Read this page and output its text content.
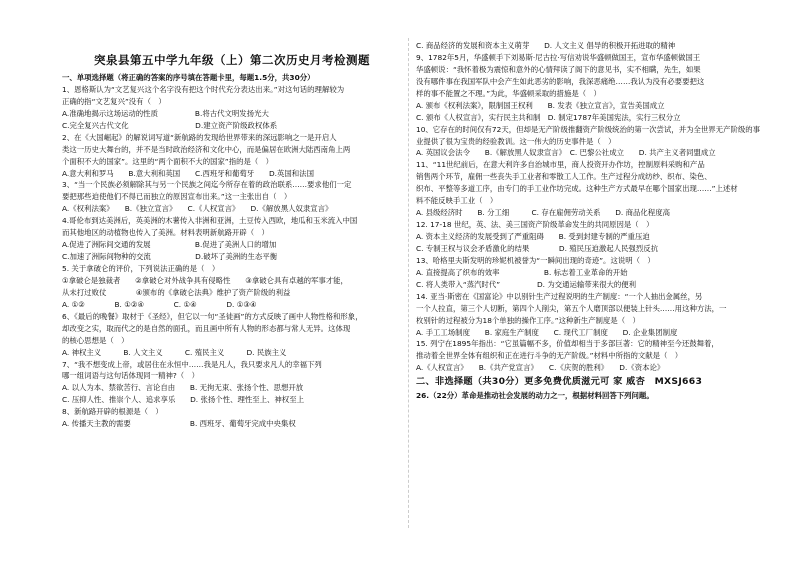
突泉县第五中学九年级（上）第二次历史月考检测题
一、单项选择题（将正确的答案的序号填在答题卡里，每题1.5分，共30分）
1、恩格斯认为“文艺复兴这个名字没有把这个时代充分表达出来。”对这句话的理解较为
正确的指“文艺复兴”没有（　）
A.准确地揭示这场运动的性质　　　　　B.将古代文明发扬光大
C.完全复兴古代文化　　　　　　　　　D.建立资产阶级政权体系
2、在《大国崛起》的解说词写道“新航路的发现给世界带来的深远影响之一是开启人
类这一历史大舞台的，并不是当时政治经济和文化中心，而是偏居在欧洲大陆西南角上两
个面积不大的国家”。这里的“两个面积不大的国家”指的是（　）
A.意大利和罗马　　B.意大利和英国　　C.西班牙和葡萄牙　　D.英国和法国
3、“当一个民族必须解除其与另一个民族之间迄今所存在着的政治联系……要求他们一定
要把那些迫使他们不得已而独立的原因宣布出来。”这一主张出自（　）
A.《权利法案》　　B.《独立宣言》　　C.《人权宣言》　　D.《解放黑人奴隶宣言》
4.哥伦布到达美洲后，英美洲的木薯传入非洲和亚洲，土豆传入西欧，地瓜和玉米流入中国
而其他地区的动植物也传入了美洲。材料表明新航路开辟（　）
A.促进了洲际间交通的发展　　　　　　B.促进了美洲人口的增加
C.加速了洲际间物种的交流　　　　　　D.破坏了美洲的生态平衡
5. 关于拿破仑的评价，下列说法正确的是（　）
①拿破仑是独裁者　　②拿破仑对外战争具有侵略性　　③拿破仑具有卓越的军事才能，
从未打过败仗　　　　④颁布的《拿破仑法典》维护了资产阶级的利益
A. ①②　　　　B. ①②④　　　　C. ①④　　　　D. ①③④
6、《最后的晚餐》取材于《圣经》，但它以一句“圣徒画”的方式反映了画中人物性格和形象，
却改变之实，取而代之的是自然的面孔，而且画中所有人物的形态都与常人无异。这体现
的核心思想是（　）
A. 神权主义　　　B. 人文主义　　　C. 殖民主义　　　D. 民族主义
7、“我不想变成上帝，或居住在永恒中……我是凡人，我只要求凡人的幸福下列
哪一组词语与这句话体现同一精神?（　）
A. 以人为本、禁欲苦行、言论自由　　B. 无拘无束、张扬个性、思想开放
C. 压抑人性、推崇个人、追求享乐　　D. 张扬个性、理性至上、神权至上
8、新航路开辟的根源是（　）
A. 传播天主教的需要　　　　　　　　B. 西班牙、葡萄牙完成中央集权
C. 商品经济的发展和资本主义萌芽　　D. 人文主义 倡导的积极开拓进取的精神
9、1782年5月，华盛顿手下刘易斯·尼古拉·写信劝说华盛顿做国王，宣布华盛顿做国王
华盛顿说：“我怀着极为震惊和意外的心情拜读了阁下的意见书，实不相瞒，先生，如果
没有哪件事在我国军队中会产生如此恶劣的影响，我深恶痛绝……我认为没有必要要把这
样的事不能置之不理。”为此，华盛顿采取的措施是（　）
A. 颁布《权利法案》，限制国王权利　　B. 发表《独立宣言》，宣告美国成立
C. 颁布《人权宣言》，实行民主共和制　D. 制定1787年美国宪法，实行三权分立
10、它存在的时间仅有72天，但却是无产阶级推翻资产阶级统治的第一次尝试，并为全世界无产阶级的事
业提供了很为宝贵的经验教训。这一伟大的历史事件是（　）
A. 英国议会法令　　B.《解放黑人奴隶宣言》　C. 巴黎公社成立　　D. 共产主义者同盟成立
11、“11世纪前后，在意大利许多自治城市里，商人投资开办作坊，控制原料采购和产品
销售两个环节，雇佣一些丧失手工业者和零散工人工作。生产过程分成纺纱、织布、染色、
织布、平整等多道工序，由专门的手工业作坊完成。这种生产方式最早在哪个国家出现……”上述材
料不能反映手工业（　）
A. 县级经济时　　B. 分工细　　　C. 存在雇佣劳动关系　　D. 商品化程度高
12. 17-18 世纪，英、法、美三国资产阶级革命发生的共同原因是（　）
A. 资本主义经济的发展受到了严重阻碍　　B. 受到封建专制的严重压迫
C. 专制王权与议会矛盾激化的结果　　　　D. 殖民压迫激起人民强烈反抗
13、哈格里夫斯发明的珍妮机被誉为“一瞬间出现的奇迹”。这说明（　）
A. 直接提高了织布的效率　　　　　　B. 标志着工业革命的开始
C. 将人类带入“蒸汽时代”　　　　　D. 为交通运输带来很大的便利
14. 亚当·斯密在《国富论》中以别针生产过程说明的生产制度：“一个人抽出金属丝，另
一个人拉直，第三个人切断，第四个人削尖，第五个人磨顶部以便装上针头……用这种方法，一
枚别针的过程被分为18个单独的操作工序。”这种新生产制度是（　）
A. 手工工场制度　　B. 家庭生产制度　　C. 现代工厂制度　　D. 企业集团制度
15. 列宁在1895年指出：“它虽篇幅不多，价值却相当于多部巨著：它的精神至今还鼓舞着，
推动着全世界全体有组织和正在进行斗争的无产阶级。”材料中所指的文献是（　）
A.《人权宣言》　　B.《共产党宣言》　　C.《庆贺的胜利》　　D.《资本论》
二、非选择题（共30分）更多免费优质滋元可 家 威杏　MXSJ663
26.（22分）革命是推动社会发展的动力之一，根据材料回答下列问题。
